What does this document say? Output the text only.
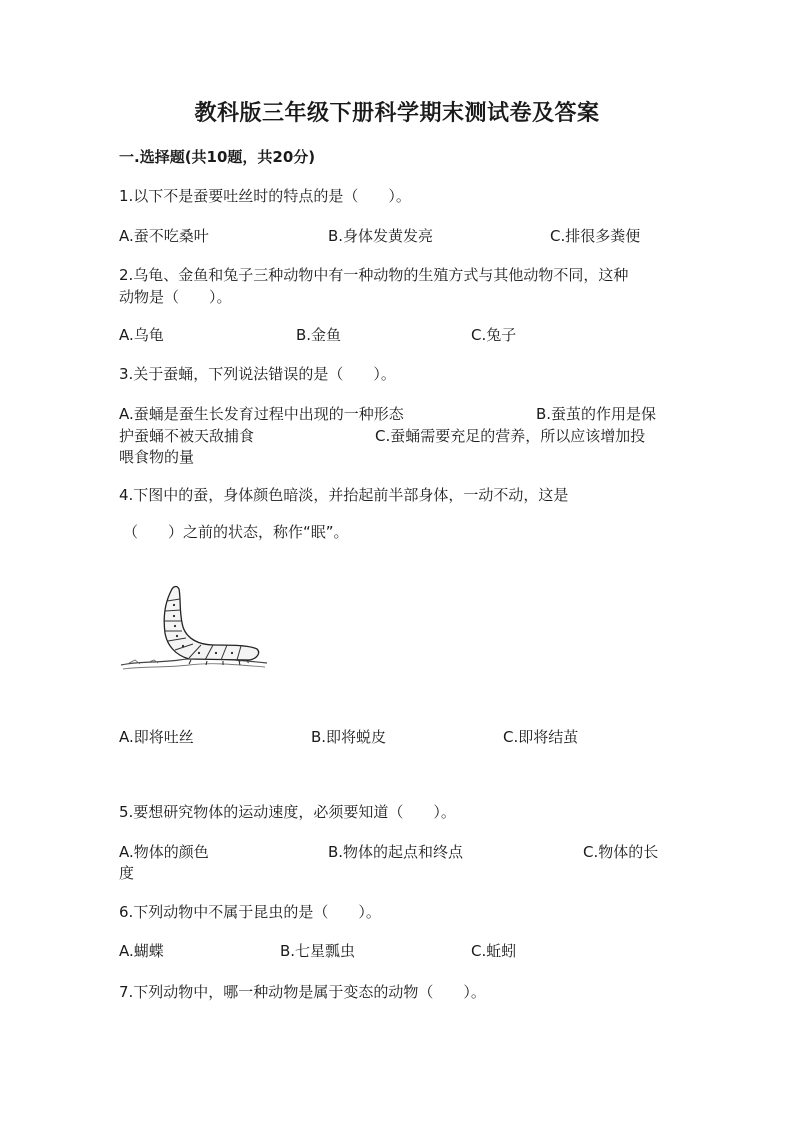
教科版三年级下册科学期末测试卷及答案
一.选择题(共10题，共20分)
1.以下不是蚕要吐丝时的特点的是（　　）。
A.蚕不吃桑叶	B.身体发黄发亮	C.排很多粪便
2.乌龟、金鱼和兔子三种动物中有一种动物的生殖方式与其他动物不同，这种
动物是（　　）。
A.乌龟	B.金鱼	C.兔子
3.关于蚕蛹，下列说法错误的是（　　）。
A.蚕蛹是蚕生长发育过程中出现的一种形态	B.蚕茧的作用是保
护蚕蛹不被天敌捕食	C.蚕蛹需要充足的营养，所以应该增加投
喂食物的量
4.下图中的蚕，身体颜色暗淡，并抬起前半部身体，一动不动，这是
（　　）之前的状态，称作“眠”。
A.即将吐丝	B.即将蜕皮	C.即将结茧
5.要想研究物体的运动速度，必须要知道（　　）。
A.物体的颜色	B.物体的起点和终点	C.物体的长
度
6.下列动物中不属于昆虫的是（　　）。
A.蝴蝶	B.七星瓢虫	C.蚯蚓
7.下列动物中，哪一种动物是属于变态的动物（　　）。
